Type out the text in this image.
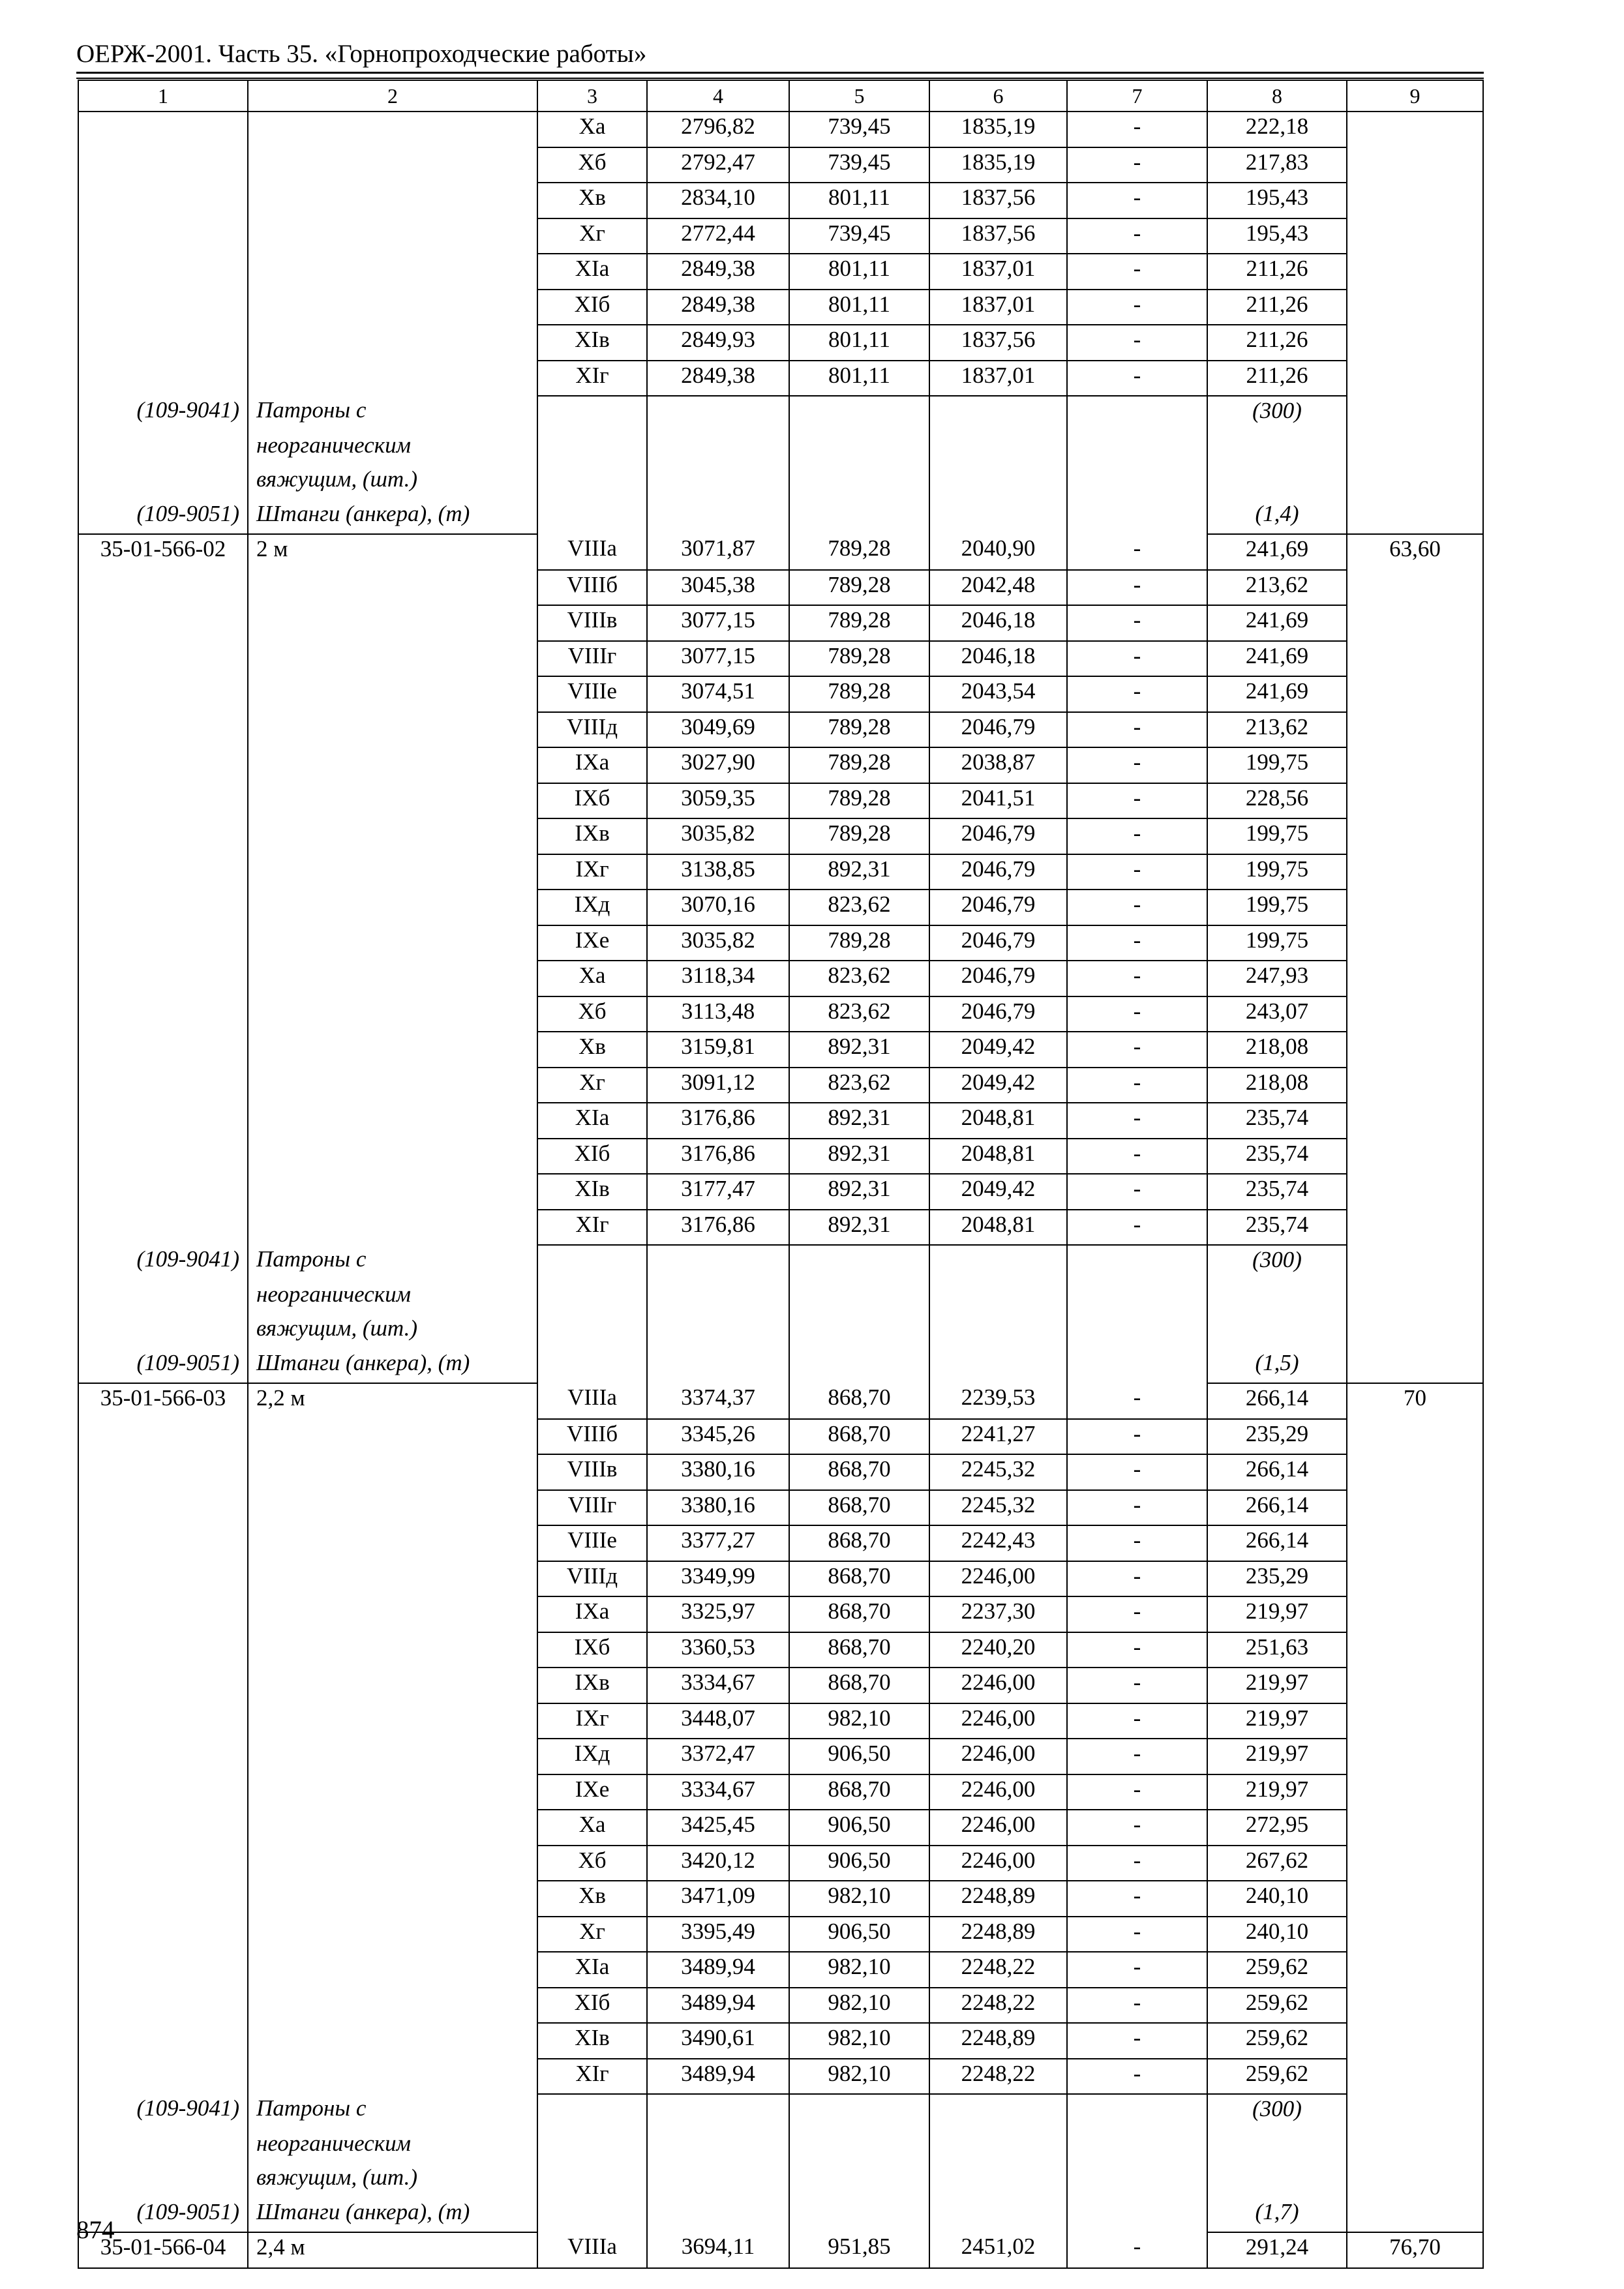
ОЕРЖ-2001. Часть 35. «Горнопроходческие работы»
1	2	3	4	5	6	7	8	9
		Xa	2796,82	739,45	1835,19	-	222,18	
		Xб	2792,47	739,45	1835,19	-	217,83	
		Xв	2834,10	801,11	1837,56	-	195,43	
		Xг	2772,44	739,45	1837,56	-	195,43	
		XIa	2849,38	801,11	1837,01	-	211,26	
		XIб	2849,38	801,11	1837,01	-	211,26	
		XIв	2849,93	801,11	1837,56	-	211,26	
		XIг	2849,38	801,11	1837,01	-	211,26	
(109-9041)	Патроны с						(300)	
	неорганическим							
	вяжущим, (шт.)							
(109-9051)	Штанги (анкера), (т)						(1,4)	
35-01-566-02	2 м	VIIIa	3071,87	789,28	2040,90	-	241,69	63,60
		VIIIб	3045,38	789,28	2042,48	-	213,62	
		VIIIв	3077,15	789,28	2046,18	-	241,69	
		VIIIг	3077,15	789,28	2046,18	-	241,69	
		VIIIe	3074,51	789,28	2043,54	-	241,69	
		VIIIд	3049,69	789,28	2046,79	-	213,62	
		IXa	3027,90	789,28	2038,87	-	199,75	
		IXб	3059,35	789,28	2041,51	-	228,56	
		IXв	3035,82	789,28	2046,79	-	199,75	
		IXг	3138,85	892,31	2046,79	-	199,75	
		IXд	3070,16	823,62	2046,79	-	199,75	
		IXe	3035,82	789,28	2046,79	-	199,75	
		Xa	3118,34	823,62	2046,79	-	247,93	
		Xб	3113,48	823,62	2046,79	-	243,07	
		Xв	3159,81	892,31	2049,42	-	218,08	
		Xг	3091,12	823,62	2049,42	-	218,08	
		XIa	3176,86	892,31	2048,81	-	235,74	
		XIб	3176,86	892,31	2048,81	-	235,74	
		XIв	3177,47	892,31	2049,42	-	235,74	
		XIг	3176,86	892,31	2048,81	-	235,74	
(109-9041)	Патроны с						(300)	
	неорганическим							
	вяжущим, (шт.)							
(109-9051)	Штанги (анкера), (т)						(1,5)	
35-01-566-03	2,2 м	VIIIa	3374,37	868,70	2239,53	-	266,14	70
		VIIIб	3345,26	868,70	2241,27	-	235,29	
		VIIIв	3380,16	868,70	2245,32	-	266,14	
		VIIIг	3380,16	868,70	2245,32	-	266,14	
		VIIIe	3377,27	868,70	2242,43	-	266,14	
		VIIIд	3349,99	868,70	2246,00	-	235,29	
		IXa	3325,97	868,70	2237,30	-	219,97	
		IXб	3360,53	868,70	2240,20	-	251,63	
		IXв	3334,67	868,70	2246,00	-	219,97	
		IXг	3448,07	982,10	2246,00	-	219,97	
		IXд	3372,47	906,50	2246,00	-	219,97	
		IXe	3334,67	868,70	2246,00	-	219,97	
		Xa	3425,45	906,50	2246,00	-	272,95	
		Xб	3420,12	906,50	2246,00	-	267,62	
		Xв	3471,09	982,10	2248,89	-	240,10	
		Xг	3395,49	906,50	2248,89	-	240,10	
		XIa	3489,94	982,10	2248,22	-	259,62	
		XIб	3489,94	982,10	2248,22	-	259,62	
		XIв	3490,61	982,10	2248,89	-	259,62	
		XIг	3489,94	982,10	2248,22	-	259,62	
(109-9041)	Патроны с						(300)	
	неорганическим							
	вяжущим, (шт.)							
(109-9051)	Штанги (анкера), (т)						(1,7)	
35-01-566-04	2,4 м	VIIIa	3694,11	951,85	2451,02	-	291,24	76,70
874
